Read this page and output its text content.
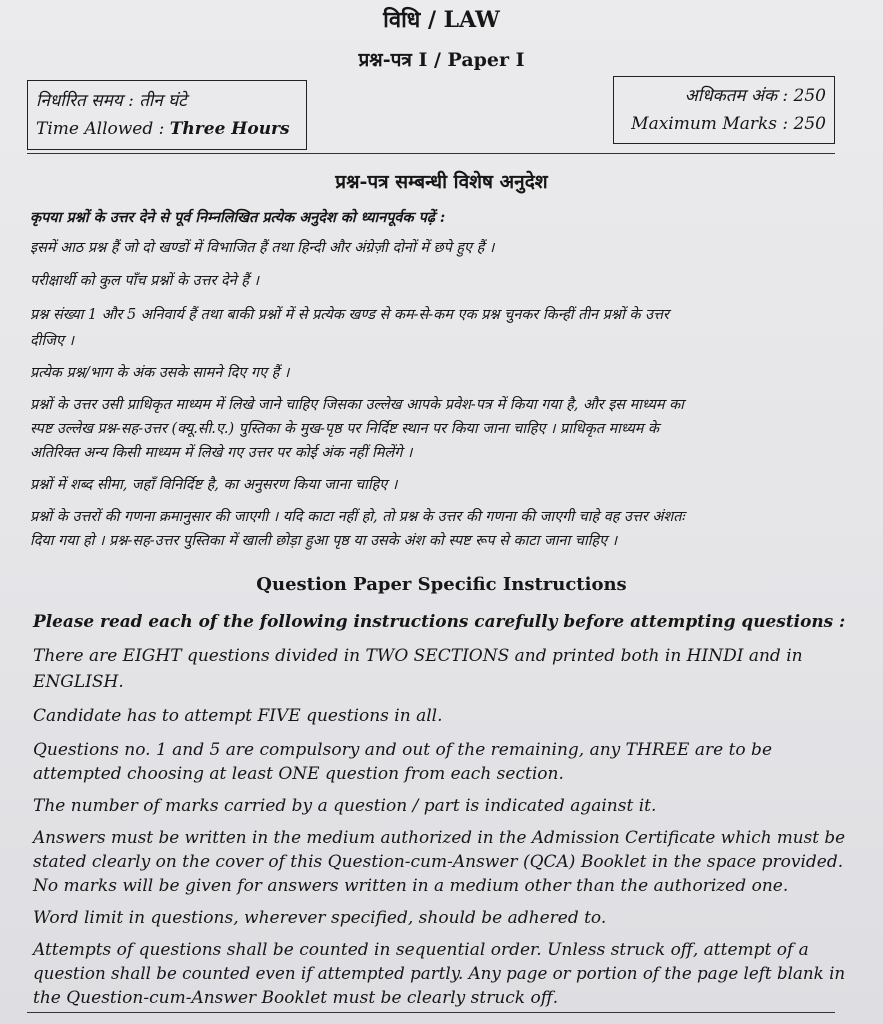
विधि / LAW
प्रश्न-पत्र I / Paper I
निर्धारित समय : तीन घंटे
Time Allowed : Three Hours
अधिकतम अंक : 250
Maximum Marks : 250
प्रश्न-पत्र सम्बन्धी विशेष अनुदेश
कृपया प्रश्नों के उत्तर देने से पूर्व निम्नलिखित प्रत्येक अनुदेश को ध्यानपूर्वक पढ़ें :
इसमें आठ प्रश्न हैं जो दो खण्डों में विभाजित हैं तथा हिन्दी और अंग्रेज़ी दोनों में छपे हुए हैं ।
परीक्षार्थी को कुल पाँच प्रश्नों के उत्तर देने हैं ।
प्रश्न संख्या 1 और 5 अनिवार्य हैं तथा बाकी प्रश्नों में से प्रत्येक खण्ड से कम-से-कम एक प्रश्न चुनकर किन्हीं तीन प्रश्नों के उत्तर
दीजिए ।
प्रत्येक प्रश्न/भाग के अंक उसके सामने दिए गए हैं ।
प्रश्नों के उत्तर उसी प्राधिकृत माध्यम में लिखे जाने चाहिए जिसका उल्लेख आपके प्रवेश-पत्र में किया गया है, और इस माध्यम का
स्पष्ट उल्लेख प्रश्न-सह-उत्तर (क्यू.सी.ए.) पुस्तिका के मुख-पृष्ठ पर निर्दिष्ट स्थान पर किया जाना चाहिए । प्राधिकृत माध्यम के
अतिरिक्त अन्य किसी माध्यम में लिखे गए उत्तर पर कोई अंक नहीं मिलेंगे ।
प्रश्नों में शब्द सीमा, जहाँ विनिर्दिष्ट है, का अनुसरण किया जाना चाहिए ।
प्रश्नों के उत्तरों की गणना क्रमानुसार की जाएगी । यदि काटा नहीं हो, तो प्रश्न के उत्तर की गणना की जाएगी चाहे वह उत्तर अंशतः
दिया गया हो । प्रश्न-सह-उत्तर पुस्तिका में खाली छोड़ा हुआ पृष्ठ या उसके अंश को स्पष्ट रूप से काटा जाना चाहिए ।
Question Paper Specific Instructions
Please read each of the following instructions carefully before attempting questions :
There are EIGHT questions divided in TWO SECTIONS and printed both in HINDI and in
ENGLISH.
Candidate has to attempt FIVE questions in all.
Questions no. 1 and 5 are compulsory and out of the remaining, any THREE are to be
attempted choosing at least ONE question from each section.
The number of marks carried by a question / part is indicated against it.
Answers must be written in the medium authorized in the Admission Certificate which must be
stated clearly on the cover of this Question-cum-Answer (QCA) Booklet in the space provided.
No marks will be given for answers written in a medium other than the authorized one.
Word limit in questions, wherever specified, should be adhered to.
Attempts of questions shall be counted in sequential order. Unless struck off, attempt of a
question shall be counted even if attempted partly. Any page or portion of the page left blank in
the Question-cum-Answer Booklet must be clearly struck off.
